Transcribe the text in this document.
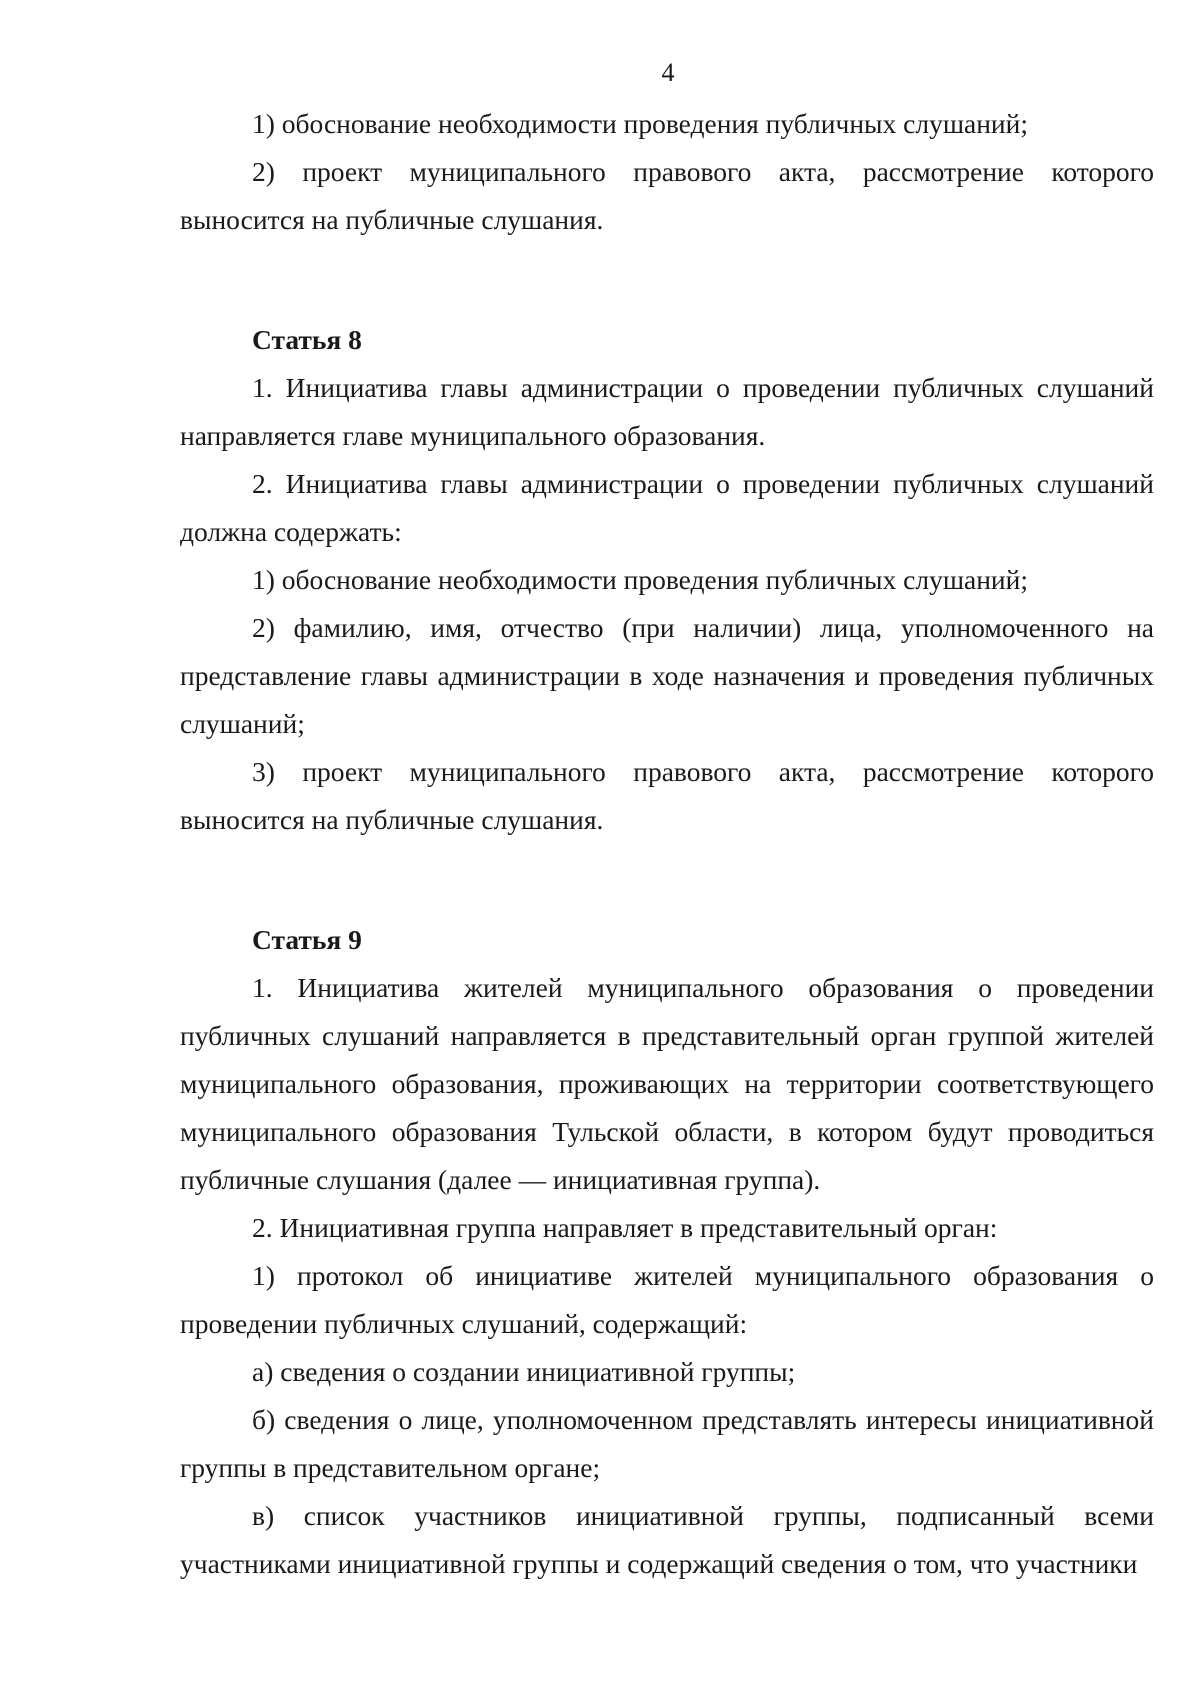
4

1) обоснование необходимости проведения публичных слушаний;

2) проект муниципального правового акта, рассмотрение которого выносится на публичные слушания.

Статья 8

1. Инициатива главы администрации о проведении публичных слушаний направляется главе муниципального образования.

2. Инициатива главы администрации о проведении публичных слушаний должна содержать:

1) обоснование необходимости проведения публичных слушаний;

2) фамилию, имя, отчество (при наличии) лица, уполномоченного на представление главы администрации в ходе назначения и проведения публичных слушаний;

3) проект муниципального правового акта, рассмотрение которого выносится на публичные слушания.

Статья 9

1. Инициатива жителей муниципального образования о проведении публичных слушаний направляется в представительный орган группой жителей муниципального образования, проживающих на территории соответствующего муниципального образования Тульской области, в котором будут проводиться публичные слушания (далее — инициативная группа).

2. Инициативная группа направляет в представительный орган:

1) протокол об инициативе жителей муниципального образования о проведении публичных слушаний, содержащий:

а) сведения о создании инициативной группы;

б) сведения о лице, уполномоченном представлять интересы инициативной группы в представительном органе;

в) список участников инициативной группы, подписанный всеми участниками инициативной группы и содержащий сведения о том, что участники
